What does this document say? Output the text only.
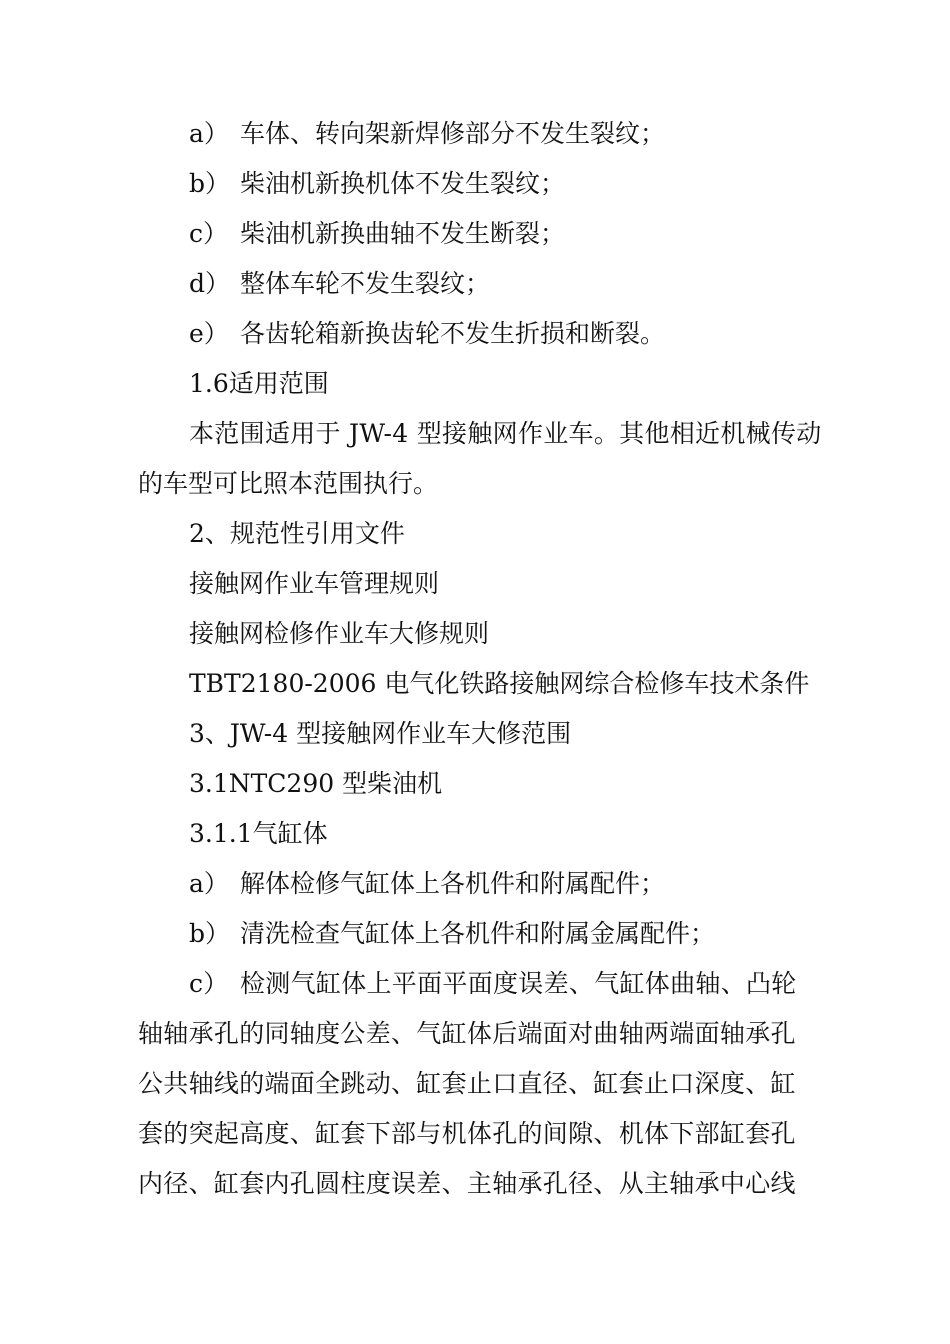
a） 车体、转向架新焊修部分不发生裂纹；
b） 柴油机新换机体不发生裂纹；
c） 柴油机新换曲轴不发生断裂；
d） 整体车轮不发生裂纹；
e） 各齿轮箱新换齿轮不发生折损和断裂。
1.6适用范围
本范围适用于 JW-4 型接触网作业车。其他相近机械传动
的车型可比照本范围执行。
2、规范性引用文件
接触网作业车管理规则
接触网检修作业车大修规则
TBT2180-2006 电气化铁路接触网综合检修车技术条件
3、JW-4 型接触网作业车大修范围
3.1NTC290 型柴油机
3.1.1气缸体
a） 解体检修气缸体上各机件和附属配件；
b） 清洗检查气缸体上各机件和附属金属配件；
c） 检测气缸体上平面平面度误差、气缸体曲轴、凸轮
轴轴承孔的同轴度公差、气缸体后端面对曲轴两端面轴承孔
公共轴线的端面全跳动、缸套止口直径、缸套止口深度、缸
套的突起高度、缸套下部与机体孔的间隙、机体下部缸套孔
内径、缸套内孔圆柱度误差、主轴承孔径、从主轴承中心线
